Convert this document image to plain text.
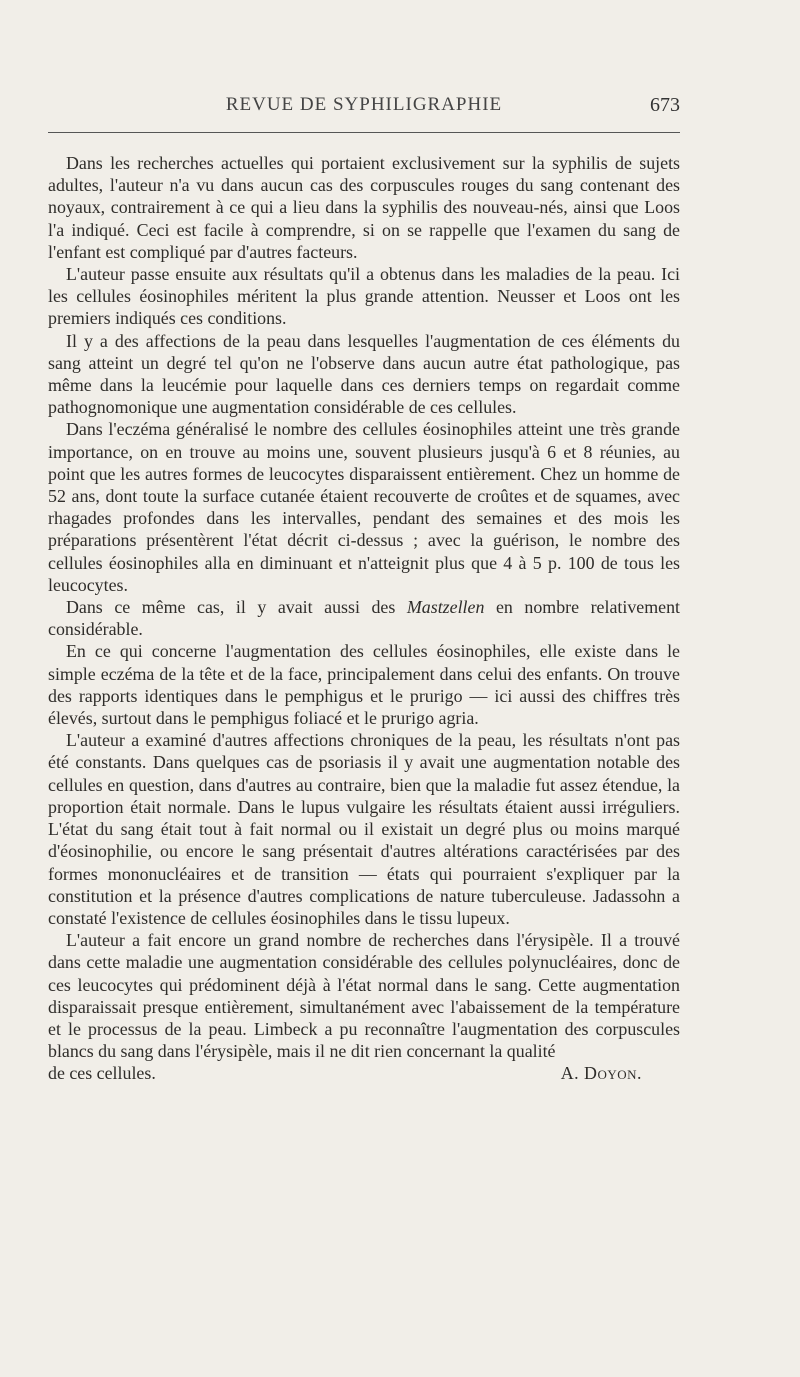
REVUE DE SYPHILIGRAPHIE	673

Dans les recherches actuelles qui portaient exclusivement sur la syphilis de sujets adultes, l'auteur n'a vu dans aucun cas des corpuscules rouges du sang contenant des noyaux, contrairement à ce qui a lieu dans la syphilis des nouveau-nés, ainsi que Loos l'a indiqué. Ceci est facile à comprendre, si on se rappelle que l'examen du sang de l'enfant est compliqué par d'autres facteurs.

L'auteur passe ensuite aux résultats qu'il a obtenus dans les maladies de la peau. Ici les cellules éosinophiles méritent la plus grande attention. Neusser et Loos ont les premiers indiqués ces conditions.

Il y a des affections de la peau dans lesquelles l'augmentation de ces éléments du sang atteint un degré tel qu'on ne l'observe dans aucun autre état pathologique, pas même dans la leucémie pour laquelle dans ces derniers temps on regardait comme pathognomonique une augmentation considérable de ces cellules.

Dans l'eczéma généralisé le nombre des cellules éosinophiles atteint une très grande importance, on en trouve au moins une, souvent plusieurs jusqu'à 6 et 8 réunies, au point que les autres formes de leucocytes disparaissent entièrement. Chez un homme de 52 ans, dont toute la surface cutanée étaient recouverte de croûtes et de squames, avec rhagades profondes dans les intervalles, pendant des semaines et des mois les préparations présentèrent l'état décrit ci-dessus ; avec la guérison, le nombre des cellules éosinophiles alla en diminuant et n'atteignit plus que 4 à 5 p. 100 de tous les leucocytes.

Dans ce même cas, il y avait aussi des Mastzellen en nombre relativement considérable.

En ce qui concerne l'augmentation des cellules éosinophiles, elle existe dans le simple eczéma de la tête et de la face, principalement dans celui des enfants. On trouve des rapports identiques dans le pemphigus et le prurigo — ici aussi des chiffres très élevés, surtout dans le pemphigus foliacé et le prurigo agria.

L'auteur a examiné d'autres affections chroniques de la peau, les résultats n'ont pas été constants. Dans quelques cas de psoriasis il y avait une augmentation notable des cellules en question, dans d'autres au contraire, bien que la maladie fut assez étendue, la proportion était normale. Dans le lupus vulgaire les résultats étaient aussi irréguliers. L'état du sang était tout à fait normal ou il existait un degré plus ou moins marqué d'éosinophilie, ou encore le sang présentait d'autres altérations caractérisées par des formes mononucléaires et de transition — états qui pourraient s'expliquer par la constitution et la présence d'autres complications de nature tuberculeuse. Jadassohn a constaté l'existence de cellules éosinophiles dans le tissu lupeux.

L'auteur a fait encore un grand nombre de recherches dans l'érysipèle. Il a trouvé dans cette maladie une augmentation considérable des cellules polynucléaires, donc de ces leucocytes qui prédominent déjà à l'état normal dans le sang. Cette augmentation disparaissait presque entièrement, simultanément avec l'abaissement de la température et le processus de la peau. Limbeck a pu reconnaître l'augmentation des corpuscules blancs du sang dans l'érysipèle, mais il ne dit rien concernant la qualité

de ces cellules.	A. Doyon.
